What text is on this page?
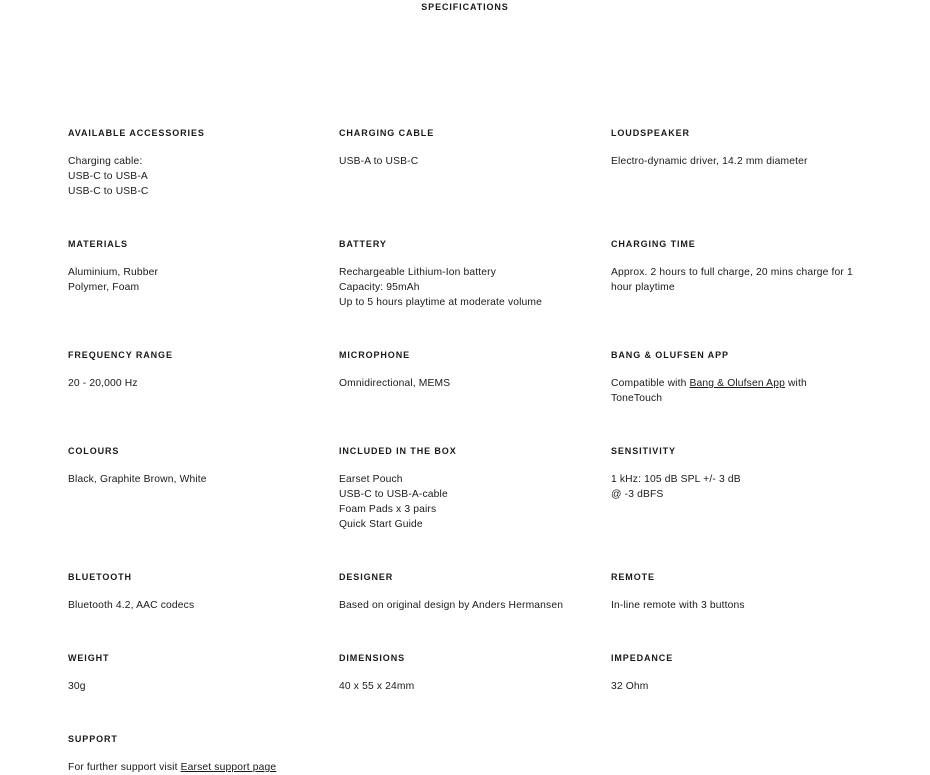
SPECIFICATIONS
AVAILABLE ACCESSORIES
Charging cable:
USB-C to USB-A
USB-C to USB-C
CHARGING CABLE
USB-A to USB-C
LOUDSPEAKER
Electro-dynamic driver, 14.2 mm diameter
MATERIALS
Aluminium, Rubber
Polymer, Foam
BATTERY
Rechargeable Lithium-Ion battery
Capacity: 95mAh
Up to 5 hours playtime at moderate volume
CHARGING TIME
Approx. 2 hours to full charge, 20 mins charge for 1
hour playtime
FREQUENCY RANGE
20 - 20,000 Hz
MICROPHONE
Omnidirectional, MEMS
BANG & OLUFSEN APP
Compatible with Bang & Olufsen App with
ToneTouch
COLOURS
Black, Graphite Brown, White
INCLUDED IN THE BOX
Earset Pouch
USB-C to USB-A-cable
Foam Pads x 3 pairs
Quick Start Guide
SENSITIVITY
1 kHz: 105 dB SPL +/- 3 dB
@ -3 dBFS
BLUETOOTH
Bluetooth 4.2, AAC codecs
DESIGNER
Based on original design by Anders Hermansen
REMOTE
In-line remote with 3 buttons
WEIGHT
30g
DIMENSIONS
40 x 55 x 24mm
IMPEDANCE
32 Ohm
SUPPORT
For further support visit Earset support page
